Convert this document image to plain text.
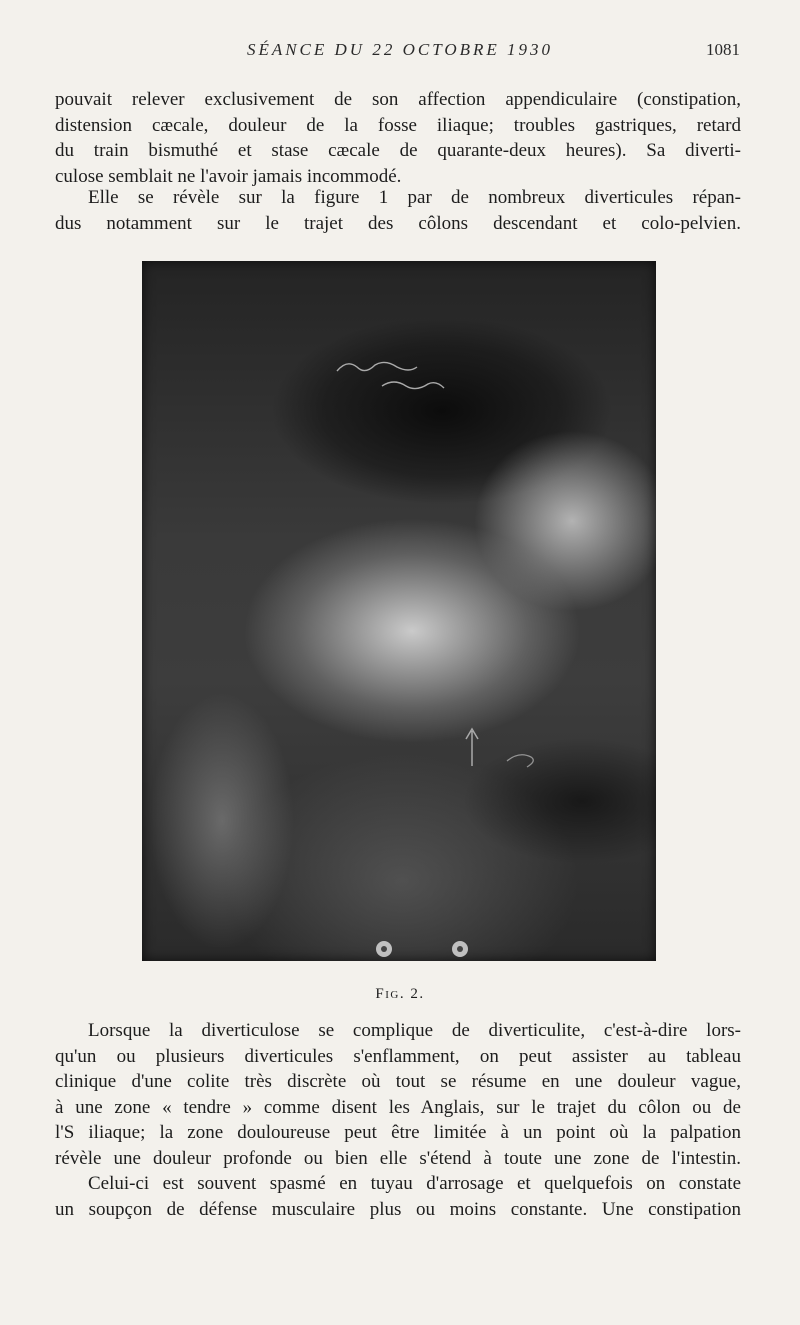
SÉANCE DU 22 OCTOBRE 1930	1081
pouvait relever exclusivement de son affection appendiculaire (constipation,
distension cæcale, douleur de la fosse iliaque; troubles gastriques, retard
du train bismuthé et stase cæcale de quarante-deux heures). Sa diverti-
culose semblait ne l'avoir jamais incommodé.
Elle se révèle sur la figure 1 par de nombreux diverticules répan-
dus notamment sur le trajet des côlons descendant et colo-pelvien.
Fig. 2.
Lorsque la diverticulose se complique de diverticulite, c'est-à-dire lors-
qu'un ou plusieurs diverticules s'enflamment, on peut assister au tableau
clinique d'une colite très discrète où tout se résume en une douleur vague,
à une zone « tendre » comme disent les Anglais, sur le trajet du côlon ou de
l'S iliaque; la zone douloureuse peut être limitée à un point où la palpation
révèle une douleur profonde ou bien elle s'étend à toute une zone de l'intestin.
Celui-ci est souvent spasmé en tuyau d'arrosage et quelquefois on constate
un soupçon de défense musculaire plus ou moins constante. Une constipation
